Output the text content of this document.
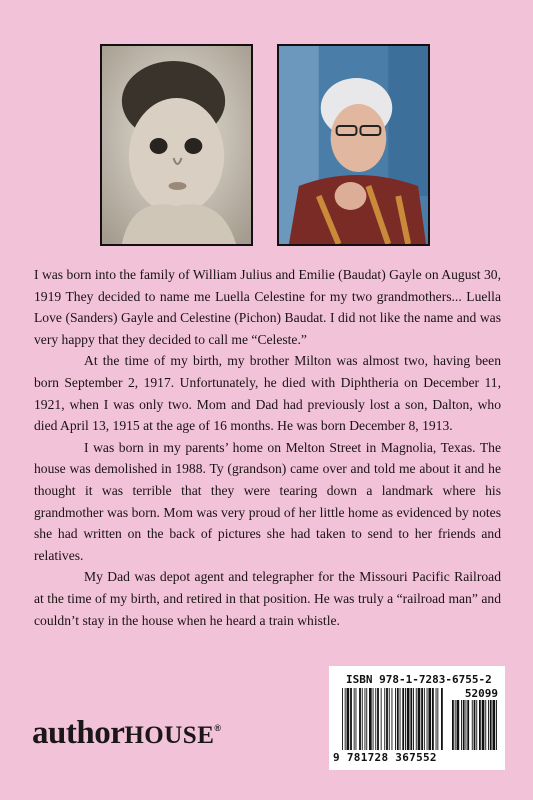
I was born into the family of William Julius and Emilie (Baudat) Gayle on August 30, 1919 They decided to name me Luella Celestine for my two grandmothers... Luella Love (Sanders) Gayle and Celestine (Pichon) Baudat. I did not like the name and was very happy that they decided to call me “Celeste.”

At the time of my birth, my brother Milton was almost two, having been born September 2, 1917. Unfortunately, he died with Diphtheria on December 11, 1921, when I was only two. Mom and Dad had previously lost a son, Dalton, who died April 13, 1915 at the age of 16 months. He was born December 8, 1913.

I was born in my parents’ home on Melton Street in Magnolia, Texas. The house was demolished in 1988. Ty (grandson) came over and told me about it and he thought it was terrible that they were tearing down a landmark where his grandmother was born. Mom was very proud of her little home as evidenced by notes she had written on the back of pictures she had taken to send to her friends and relatives.

My Dad was depot agent and telegrapher for the Missouri Pacific Railroad at the time of my birth, and retired in that position. He was truly a “railroad man” and couldn’t stay in the house when he heard a train whistle.

authorHOUSE®
ISBN 978-1-7283-6755-2
52099
9 781728 367552
